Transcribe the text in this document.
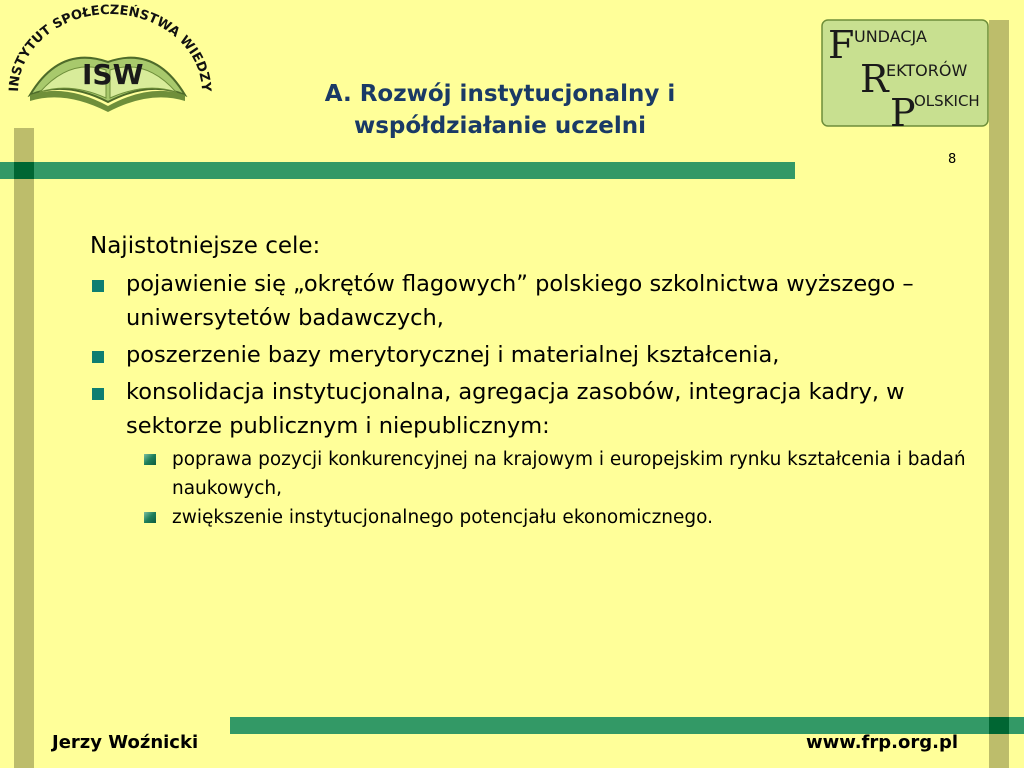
INSTYTUT SPOŁECZEŃSTWA WIEDZY
ISW
F UNDACJA
R
EKTORÓW
P
OLSKICH
A. Rozwój instytucjonalny i współdziałanie uczelni
8

Najistotniejsze cele:

pojawienie się „okrętów flagowych” polskiego szkolnictwa wyższego – uniwersytetów badawczych,
poszerzenie bazy merytorycznej i materialnej kształcenia,
konsolidacja instytucjonalna, agregacja zasobów, integracja kadry, w sektorze publicznym i niepublicznym:
poprawa pozycji konkurencyjnej na krajowym i europejskim rynku kształcenia i badań naukowych,
zwiększenie instytucjonalnego potencjału ekonomicznego.
Jerzy Woźnicki	www.frp.org.pl
